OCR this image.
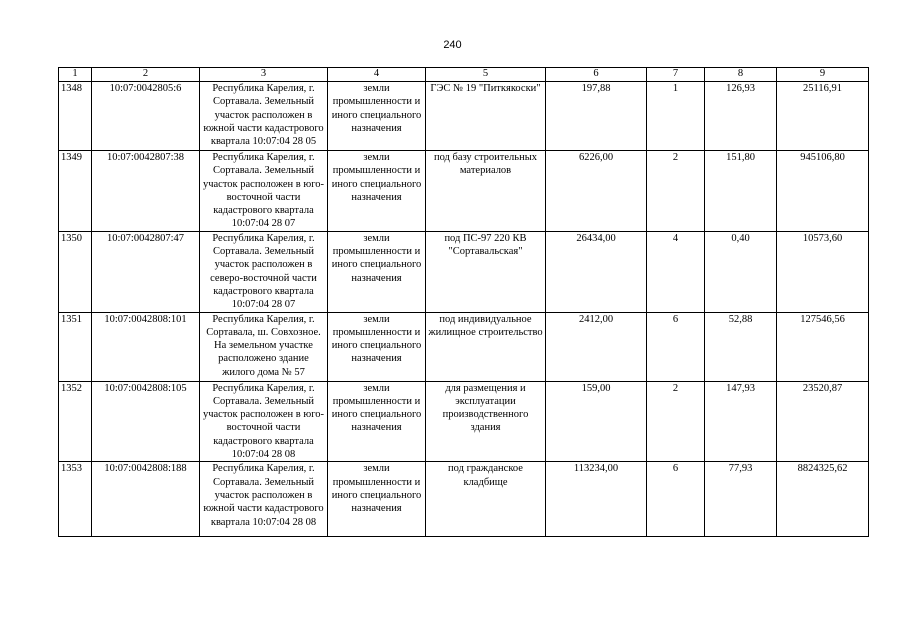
240
1	2	3	4	5	6	7	8	9
1348	10:07:0042805:6	Республика Карелия, г. Сортавала. Земельный участок расположен в южной части кадастрового квартала 10:07:04 28 05	земли промышленности и иного специального назначения	ГЭС № 19 "Питкякоски"	197,88	1	126,93	25116,91
1349	10:07:0042807:38	Республика Карелия, г. Сортавала. Земельный участок расположен в юго-восточной части кадастрового квартала 10:07:04 28 07	земли промышленности и иного специального назначения	под базу строительных материалов	6226,00	2	151,80	945106,80
1350	10:07:0042807:47	Республика Карелия, г. Сортавала. Земельный участок расположен в северо-восточной части кадастрового квартала 10:07:04 28 07	земли промышленности и иного специального назначения	под ПС-97 220 КВ "Сортавальская"	26434,00	4	0,40	10573,60
1351	10:07:0042808:101	Республика Карелия, г. Сортавала, ш. Совхозное. На земельном участке расположено здание жилого дома № 57	земли промышленности и иного специального назначения	под индивидуальное жилищное строительство	2412,00	6	52,88	127546,56
1352	10:07:0042808:105	Республика Карелия, г. Сортавала. Земельный участок расположен в юго-восточной части кадастрового квартала 10:07:04 28 08	земли промышленности и иного специального назначения	для размещения и эксплуатации производственного здания	159,00	2	147,93	23520,87
1353	10:07:0042808:188	Республика Карелия, г. Сортавала. Земельный участок расположен в южной части кадастрового квартала 10:07:04 28 08	земли промышленности и иного специального назначения	под гражданское кладбище	113234,00	6	77,93	8824325,62
